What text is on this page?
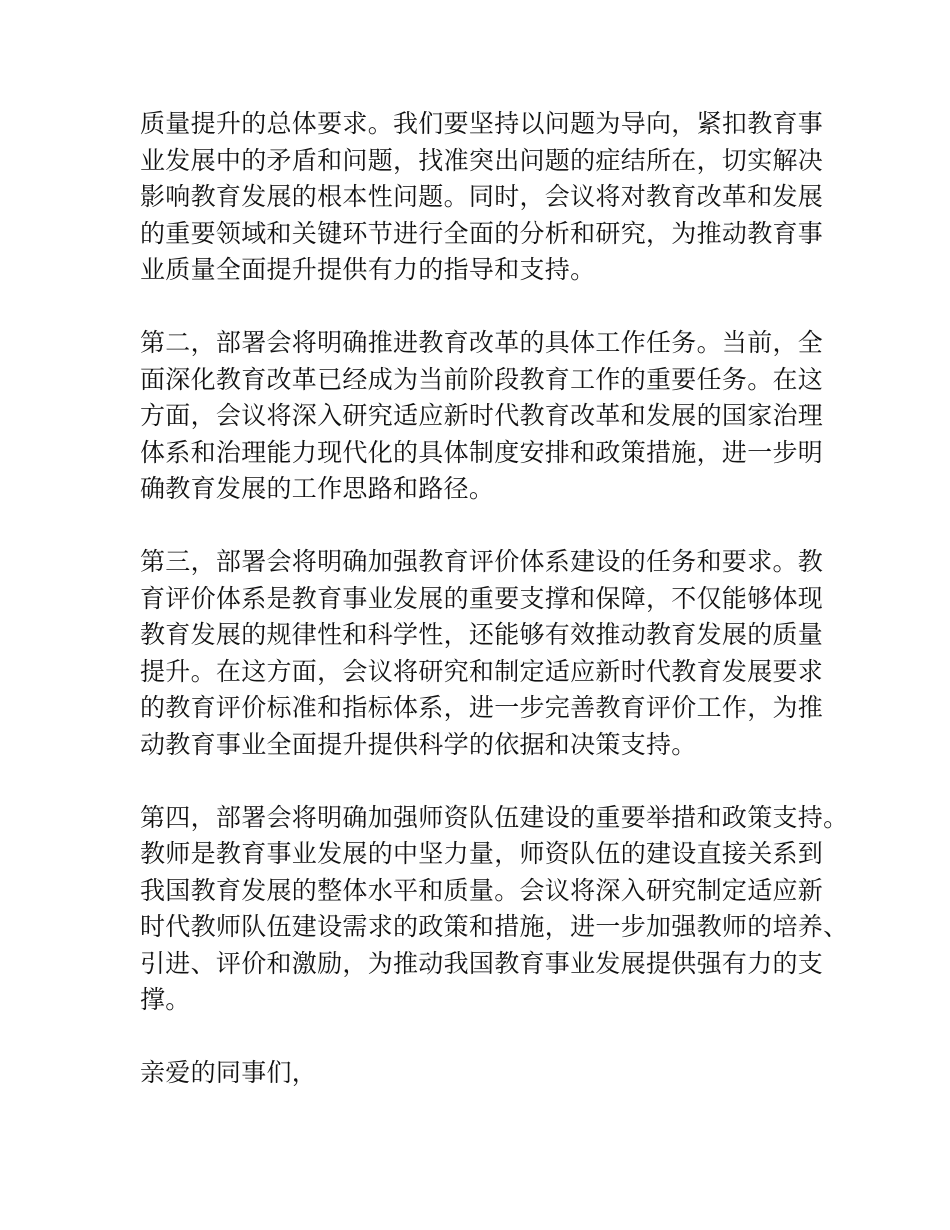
质量提升的总体要求。我们要坚持以问题为导向，紧扣教育事
业发展中的矛盾和问题，找准突出问题的症结所在，切实解决
影响教育发展的根本性问题。同时，会议将对教育改革和发展
的重要领域和关键环节进行全面的分析和研究，为推动教育事
业质量全面提升提供有力的指导和支持。

第二，部署会将明确推进教育改革的具体工作任务。当前，全
面深化教育改革已经成为当前阶段教育工作的重要任务。在这
方面，会议将深入研究适应新时代教育改革和发展的国家治理
体系和治理能力现代化的具体制度安排和政策措施，进一步明
确教育发展的工作思路和路径。

第三，部署会将明确加强教育评价体系建设的任务和要求。教
育评价体系是教育事业发展的重要支撑和保障，不仅能够体现
教育发展的规律性和科学性，还能够有效推动教育发展的质量
提升。在这方面，会议将研究和制定适应新时代教育发展要求
的教育评价标准和指标体系，进一步完善教育评价工作，为推
动教育事业全面提升提供科学的依据和决策支持。

第四，部署会将明确加强师资队伍建设的重要举措和政策支持。
教师是教育事业发展的中坚力量，师资队伍的建设直接关系到
我国教育发展的整体水平和质量。会议将深入研究制定适应新
时代教师队伍建设需求的政策和措施，进一步加强教师的培养、
引进、评价和激励，为推动我国教育事业发展提供强有力的支
撑。

亲爱的同事们，
